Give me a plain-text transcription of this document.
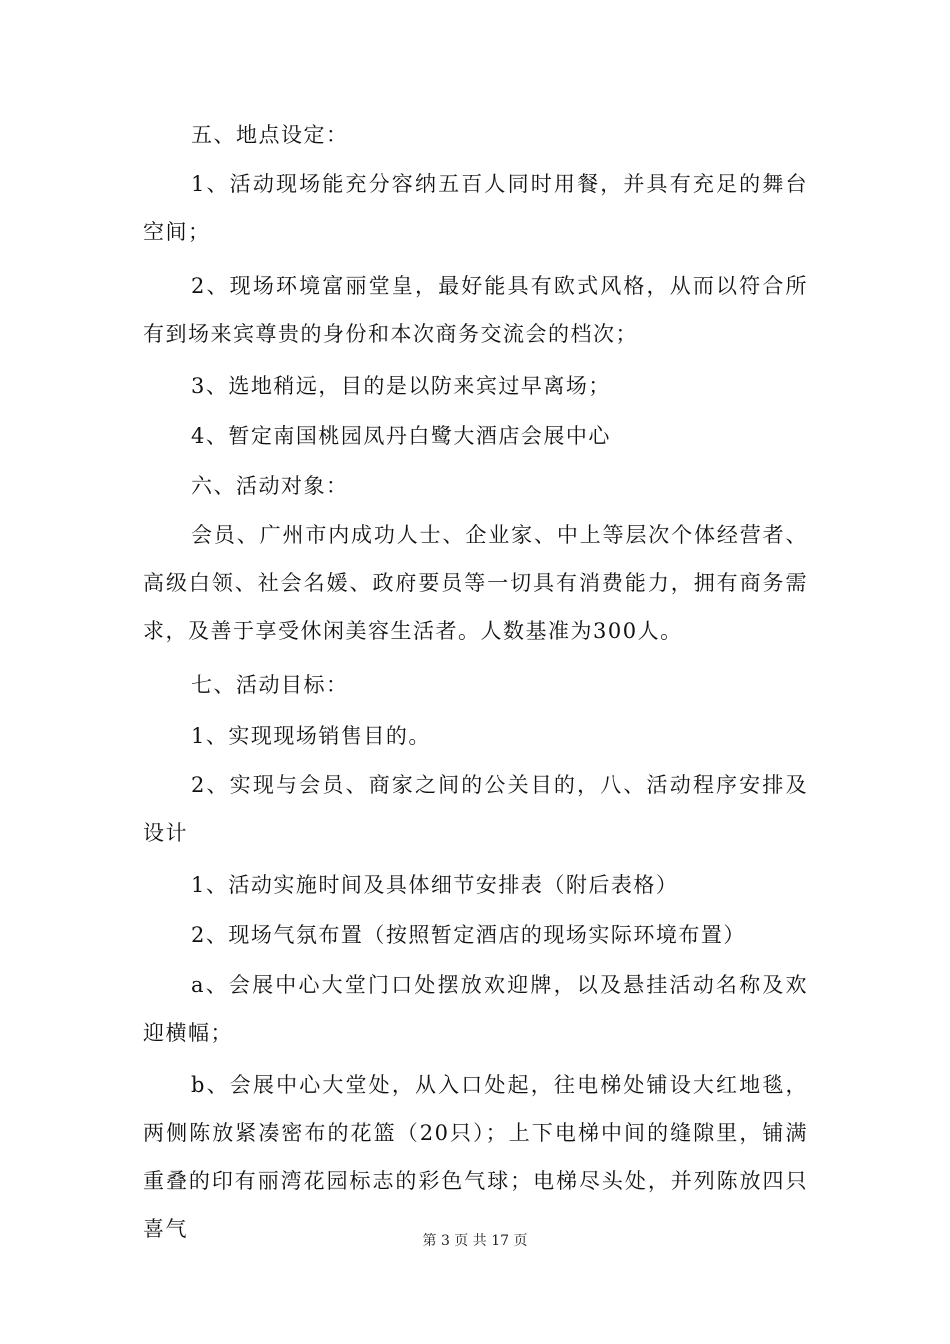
五、地点设定：

1、活动现场能充分容纳五百人同时用餐，并具有充足的舞台空间；

2、现场环境富丽堂皇，最好能具有欧式风格，从而以符合所有到场来宾尊贵的身份和本次商务交流会的档次；

3、选地稍远，目的是以防来宾过早离场；

4、暂定南国桃园凤丹白鹭大酒店会展中心

六、活动对象：

会员、广州市内成功人士、企业家、中上等层次个体经营者、高级白领、社会名媛、政府要员等一切具有消费能力，拥有商务需求，及善于享受休闲美容生活者。人数基准为300人。

七、活动目标：

1、实现现场销售目的。

2、实现与会员、商家之间的公关目的，八、活动程序安排及设计

1、活动实施时间及具体细节安排表（附后表格）

2、现场气氛布置（按照暂定酒店的现场实际环境布置）

a、会展中心大堂门口处摆放欢迎牌，以及悬挂活动名称及欢迎横幅；

b、会展中心大堂处，从入口处起，往电梯处铺设大红地毯，两侧陈放紧凑密布的花篮（20只）；上下电梯中间的缝隙里，铺满重叠的印有丽湾花园标志的彩色气球；电梯尽头处，并列陈放四只喜气	第 3 页 共 17 页
